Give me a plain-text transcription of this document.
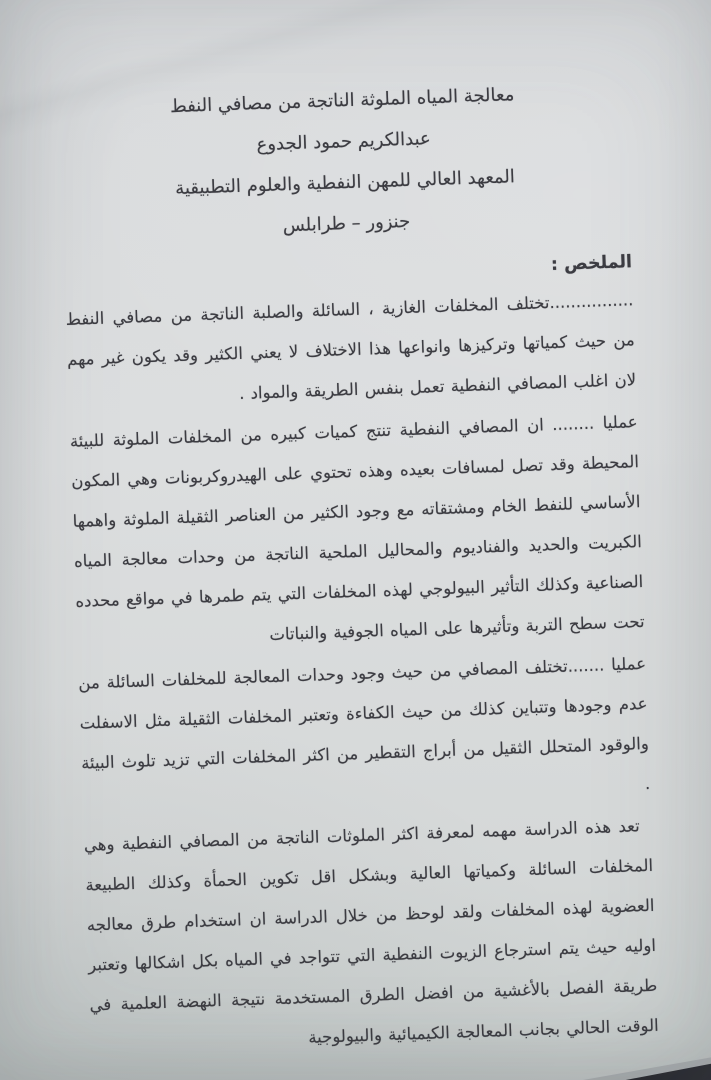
معالجة المياه الملوثة الناتجة من مصافي النفط
عبدالكريم حمود الجدوع
المعهد العالي للمهن النفطية والعلوم التطبيقية
جنزور – طرابلس
الملخص :

................تختلف المخلفات الغازية ، السائلة والصلبة الناتجة من مصافي النفط من حيث كمياتها وتركيزها وانواعها هذا الاختلاف لا يعني الكثير وقد يكون غير مهم لان اغلب المصافي النفطية تعمل بنفس الطريقة والمواد .

عمليا ........ ان المصافي النفطية تنتج كميات كبيره من المخلفات الملوثة للبيئة المحيطة وقد تصل لمسافات بعيده وهذه تحتوي على الهيدروكربونات وهي المكون الأساسي للنفط الخام ومشتقاته مع وجود الكثير من العناصر الثقيلة الملوثة واهمها الكبريت والحديد والفناديوم والمحاليل الملحية الناتجة من وحدات معالجة المياه الصناعية وكذلك التأثير البيولوجي لهذه المخلفات التي يتم طمرها في مواقع محدده تحت سطح التربة وتأثيرها على المياه الجوفية والنباتات

عمليا .......تختلف المصافي من حيث وجود وحدات المعالجة للمخلفات السائلة من عدم وجودها وتتباين كذلك من حيث الكفاءة وتعتبر المخلفات الثقيلة مثل الاسفلت والوقود المتحلل الثقيل من أبراج التقطير من اكثر المخلفات التي تزيد تلوث البيئة .

تعد هذه الدراسة مهمه لمعرفة اكثر الملوثات الناتجة من المصافي النفطية وهي المخلفات السائلة وكمياتها العالية وبشكل اقل تكوين الحمأة وكذلك الطبيعة العضوية لهذه المخلفات ولقد لوحظ من خلال الدراسة ان استخدام طرق معالجه اوليه حيث يتم استرجاع الزيوت النفطية التي تتواجد في المياه بكل اشكالها وتعتبر طريقة الفصل بالأغشية من افضل الطرق المستخدمة نتيجة النهضة العلمية في الوقت الحالي بجانب المعالجة الكيميائية والبيولوجية
